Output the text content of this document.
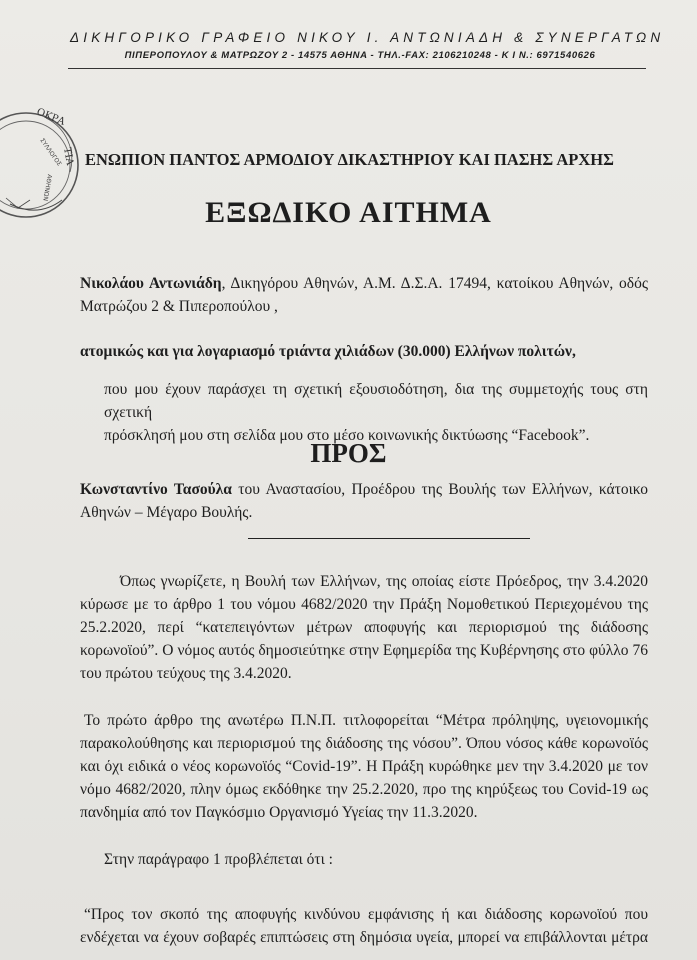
ΔΙΚΗΓΟΡΙΚΟ ΓΡΑΦΕΙΟ ΝΙΚΟΥ Ι. ΑΝΤΩΝΙΑΔΗ & ΣΥΝΕΡΓΑΤΩΝ
ΠΙΠΕΡΟΠΟΥΛΟΥ & ΜΑΤΡΩΖΟΥ 2 - 14575 ΑΘΗΝΑ - ΤΗΛ.-FAX: 2106210248 - Κ Ι Ν.: 6971540626
ΟΚΡΑ
ΤΙΑ
ΣΥΛΛΟΓΟΣ
ΑΘΗΝΩΝ
ΕΝΩΠΙΟΝ ΠΑΝΤΟΣ ΑΡΜΟΔΙΟΥ ΔΙΚΑΣΤΗΡΙΟΥ ΚΑΙ ΠΑΣΗΣ ΑΡΧΗΣ
ΕΞΩΔΙΚΟ ΑΙΤΗΜΑ
Νικολάου Αντωνιάδη, Δικηγόρου Αθηνών, Α.Μ. Δ.Σ.Α. 17494, κατοίκου Αθηνών, οδός
Ματρώζου 2 & Πιπεροπούλου ,
ατομικώς και για λογαριασμό τριάντα χιλιάδων (30.000) Ελλήνων πολιτών,
που μου έχουν παράσχει τη σχετική εξουσιοδότηση, δια της συμμετοχής τους στη σχετική
πρόσκλησή μου στη σελίδα μου στο μέσο κοινωνικής δικτύωσης “Facebook”.
ΠΡΟΣ
Κωνσταντίνο Τασούλα του Αναστασίου, Προέδρου της Βουλής των Ελλήνων, κάτοικο
Αθηνών – Μέγαρο Βουλής.
Όπως γνωρίζετε, η Βουλή των Ελλήνων, της οποίας είστε Πρόεδρος, την 3.4.2020
κύρωσε με το άρθρο 1 του νόμου 4682/2020 την Πράξη Νομοθετικού Περιεχομένου της
25.2.2020, περί “κατεπειγόντων μέτρων αποφυγής και περιορισμού της διάδοσης
κορωνοϊού”. Ο νόμος αυτός δημοσιεύτηκε στην Εφημερίδα της Κυβέρνησης στο φύλλο 76
του πρώτου τεύχους της 3.4.2020.
Το πρώτο άρθρο της ανωτέρω Π.Ν.Π. τιτλοφορείται “Μέτρα πρόληψης, υγειονομικής
παρακολούθησης και περιορισμού της διάδοσης της νόσου”. Όπου νόσος κάθε κορωνοϊός
και όχι ειδικά ο νέος κορωνοϊός “Covid-19”. Η Πράξη κυρώθηκε μεν την 3.4.2020 με τον
νόμο 4682/2020, πλην όμως εκδόθηκε την 25.2.2020, προ της κηρύξεως του Covid-19 ως
πανδημία από τον Παγκόσμιο Οργανισμό Υγείας την 11.3.2020.
Στην παράγραφο 1 προβλέπεται ότι :
“Προς τον σκοπό της αποφυγής κινδύνου εμφάνισης ή και διάδοσης κορωνοϊού που
ενδέχεται να έχουν σοβαρές επιπτώσεις στη δημόσια υγεία, μπορεί να επιβάλλονται μέτρα
